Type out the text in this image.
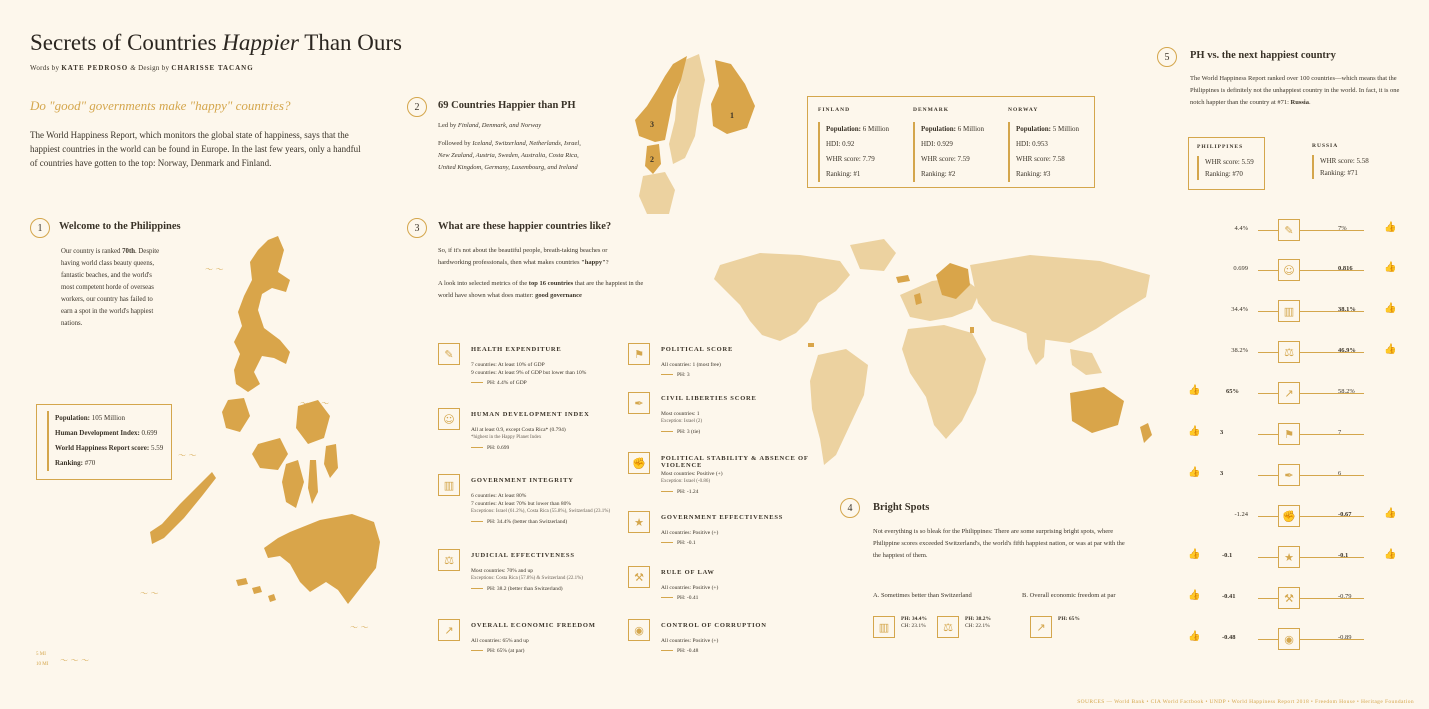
Secrets of Countries Happier Than Ours
Words by KATE PEDROSO & Design by CHARISSE TACANG
Do "good" governments make "happy" countries?
The World Happiness Report, which monitors the global state of happiness, says that the happiest countries in the world can be found in Europe. In the last few years, only a handful of countries have gotten to the top: Norway, Denmark and Finland.
1	Welcome to the Philippines
Our country is ranked 70th. Despite having world class beauty queens, fantastic beaches, and the world's most competent horde of overseas workers, our country has failed to earn a spot in the world's happiest nations.
〜 〜
〜 〜
〜 〜 〜
〜 〜
〜 〜
〜 〜 〜
Population: 105 Million
Human Development Index: 0.699
World Happiness Report score: 5.59
Ranking: #70
5 MI
10 MI
2	69 Countries Happier than PH
Led by Finland, Denmark, and Norway
Followed by Iceland, Switzerland, Netherlands, Israel, New Zealand, Austria, Sweden, Australia, Costa Rica, United Kingdom, Germany, Luxembourg, and Ireland
1
2
3
FINLAND
Population: 6 Million
HDI: 0.92
WHR score: 7.79
Ranking: #1
DENMARK
Population: 6 Million
HDI: 0.929
WHR score: 7.59
Ranking: #2
NORWAY
Population: 5 Million
HDI: 0.953
WHR score: 7.58
Ranking: #3
3	What are these happier countries like?
So, if it's not about the beautiful people, breath-taking beaches or hardworking professionals, then what makes countries "happy"?
A look into selected metrics of the top 16 countries that are the happiest in the world have shown what does matter: good governance
✎	HEALTH EXPENDITURE
7 countries: At least 10% of GDP
9 countries: At least 9% of GDP but lower than 10%
PH: 4.4% of GDP
☺	HUMAN DEVELOPMENT INDEX
All at least 0.9, except Costa Rica* (0.794)
*highest in the Happy Planet Index
PH: 0.699
▥	GOVERNMENT INTEGRITY
6 countries: At least 80%
7 countries: At least 70% but lower than 80%
Exceptions: Israel (61.2%), Costa Rica (55.8%), Switzerland (23.1%)
PH: 34.4% (better than Switzerland)
⚖	JUDICIAL EFFECTIVENESS
Most countries: 70% and up
Exceptions: Costa Rica (57.8%) & Switzerland (22.1%)
PH: 38.2 (better than Switzerland)
↗	OVERALL ECONOMIC FREEDOM
All countries: 65% and up
PH: 65% (at par)
⚑	POLITICAL SCORE
All countries: 1 (most free)
PH: 3
✒	CIVIL LIBERTIES SCORE
Most countries: 1
Exception: Israel (2)
PH: 3 (tie)
✊	POLITICAL STABILITY & ABSENCE OF VIOLENCE
Most countries: Positive (+)
Exception: Israel (-0.86)
PH: -1.24
★	GOVERNMENT EFFECTIVENESS
All countries: Positive (+)
PH: -0.1
⚒	RULE OF LAW
All countries: Positive (+)
PH: -0.41
◉	CONTROL OF CORRUPTION
All countries: Positive (+)
PH: -0.48
4	Bright Spots
Not everything is so bleak for the Philippines: There are some surprising bright spots, where Philippine scores exceeded Switzerland's, the world's fifth happiest nation, or was at par with the the happiest of them.
A. Sometimes better than Switzerland	B. Overall economic freedom at par
▥
PH: 34.4%
CH: 23.1%	⚖
PH: 38.2%
CH: 22.1%	↗
PH: 65%
5	PH vs. the next happiest country
The World Happiness Report ranked over 100 countries—which means that the Philippines is definitely not the unhappiest country in the world. In fact, it is one notch happier than the country at #71: Russia.
PHILIPPINES
WHR score: 5.59
Ranking: #70
RUSSIA
WHR score: 5.58
Ranking: #71
✎
4.4%	7%	👍
☺
0.699	0.816	👍
▥
34.4%	38.1%	👍
⚖
38.2%	46.9%	👍
↗
👍	65%	58.2%
⚑
👍	3	7
✒
👍	3	6
✊
-1.24	-0.67	👍
★
👍	-0.1	-0.1	👍
⚒
👍	-0.41	-0.79
◉
👍	-0.48	-0.89
SOURCES — World Bank • CIA World Factbook • UNDP • World Happiness Report 2018 • Freedom House • Heritage Foundation
